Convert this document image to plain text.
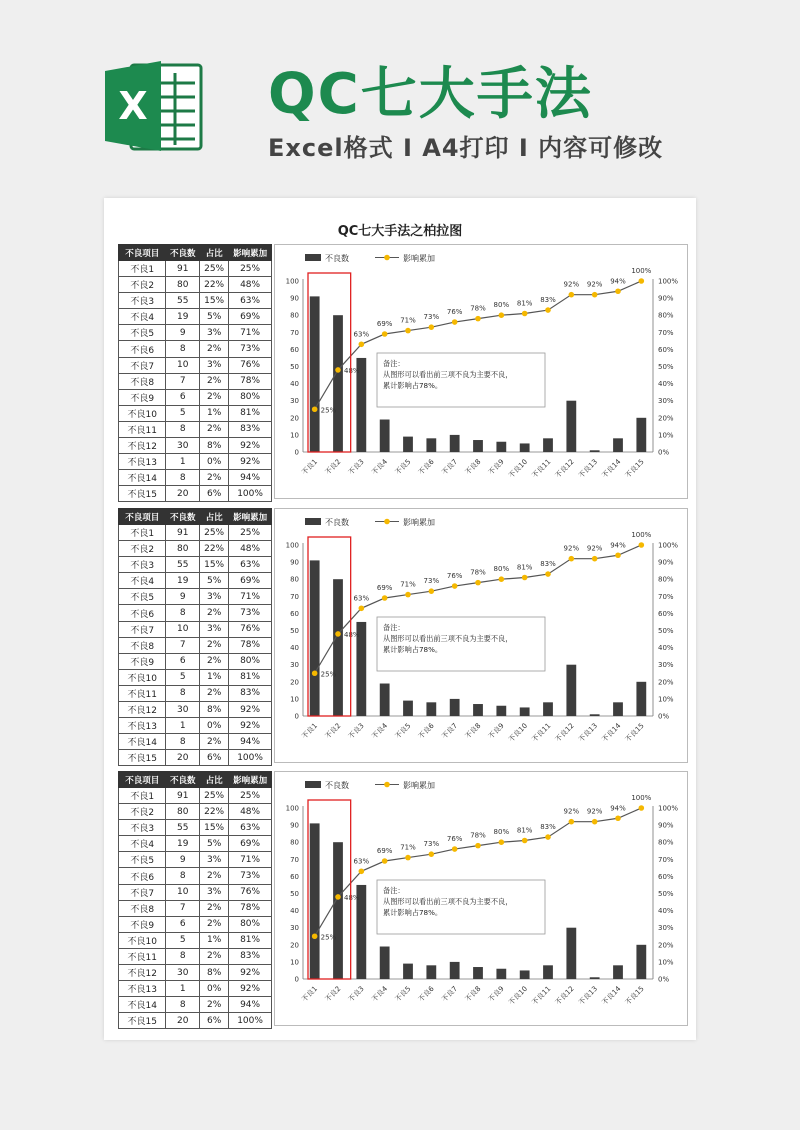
X QC七大手法
Excel格式 I A4打印 I 内容可修改
QC七大手法之柏拉图
不良项目	不良数	占比	影响累加
不良1	91	25%	25%
不良2	80	22%	48%
不良3	55	15%	63%
不良4	19	5%	69%
不良5	9	3%	71%
不良6	8	2%	73%
不良7	10	3%	76%
不良8	7	2%	78%
不良9	6	2%	80%
不良10	5	1%	81%
不良11	8	2%	83%
不良12	30	8%	92%
不良13	1	0%	92%
不良14	8	2%	94%
不良15	20	6%	100%
不良数	影响累加
0
10
20
30
40
50
60
70
80
90
100
0%
10%
20%
30%
40%
50%
60%
70%
80%
90%
100%
不良1 不良2 不良3 不良4 不良5 不良6 不良7 不良8 不良9 不良10 不良11 不良12 不良13 不良14 不良15
25%
48%
63%
69% 71% 73%
76% 78% 80% 81% 83%
92% 92% 94%
100%
备注：
从图形可以看出前三项不良为主要不良，
累计影响占78%。
不良项目	不良数	占比	影响累加
不良1	91	25%	25%
不良2	80	22%	48%
不良3	55	15%	63%
不良4	19	5%	69%
不良5	9	3%	71%
不良6	8	2%	73%
不良7	10	3%	76%
不良8	7	2%	78%
不良9	6	2%	80%
不良10	5	1%	81%
不良11	8	2%	83%
不良12	30	8%	92%
不良13	1	0%	92%
不良14	8	2%	94%
不良15	20	6%	100%
不良数	影响累加
0
10
20
30
40
50
60
70
80
90
100
0%
10%
20%
30%
40%
50%
60%
70%
80%
90%
100%
不良1 不良2 不良3 不良4 不良5 不良6 不良7 不良8 不良9 不良10 不良11 不良12 不良13 不良14 不良15
25%
48%
63%
69% 71% 73%
76% 78% 80% 81% 83%
92% 92% 94%
100%
备注：
从图形可以看出前三项不良为主要不良，
累计影响占78%。
不良项目	不良数	占比	影响累加
不良1	91	25%	25%
不良2	80	22%	48%
不良3	55	15%	63%
不良4	19	5%	69%
不良5	9	3%	71%
不良6	8	2%	73%
不良7	10	3%	76%
不良8	7	2%	78%
不良9	6	2%	80%
不良10	5	1%	81%
不良11	8	2%	83%
不良12	30	8%	92%
不良13	1	0%	92%
不良14	8	2%	94%
不良15	20	6%	100%
不良数	影响累加
0
10
20
30
40
50
60
70
80
90
100
0%
10%
20%
30%
40%
50%
60%
70%
80%
90%
100%
不良1 不良2 不良3 不良4 不良5 不良6 不良7 不良8 不良9 不良10 不良11 不良12 不良13 不良14 不良15
25%
48%
63%
69% 71% 73%
76% 78% 80% 81% 83%
92% 92% 94%
100%
备注：
从图形可以看出前三项不良为主要不良，
累计影响占78%。
